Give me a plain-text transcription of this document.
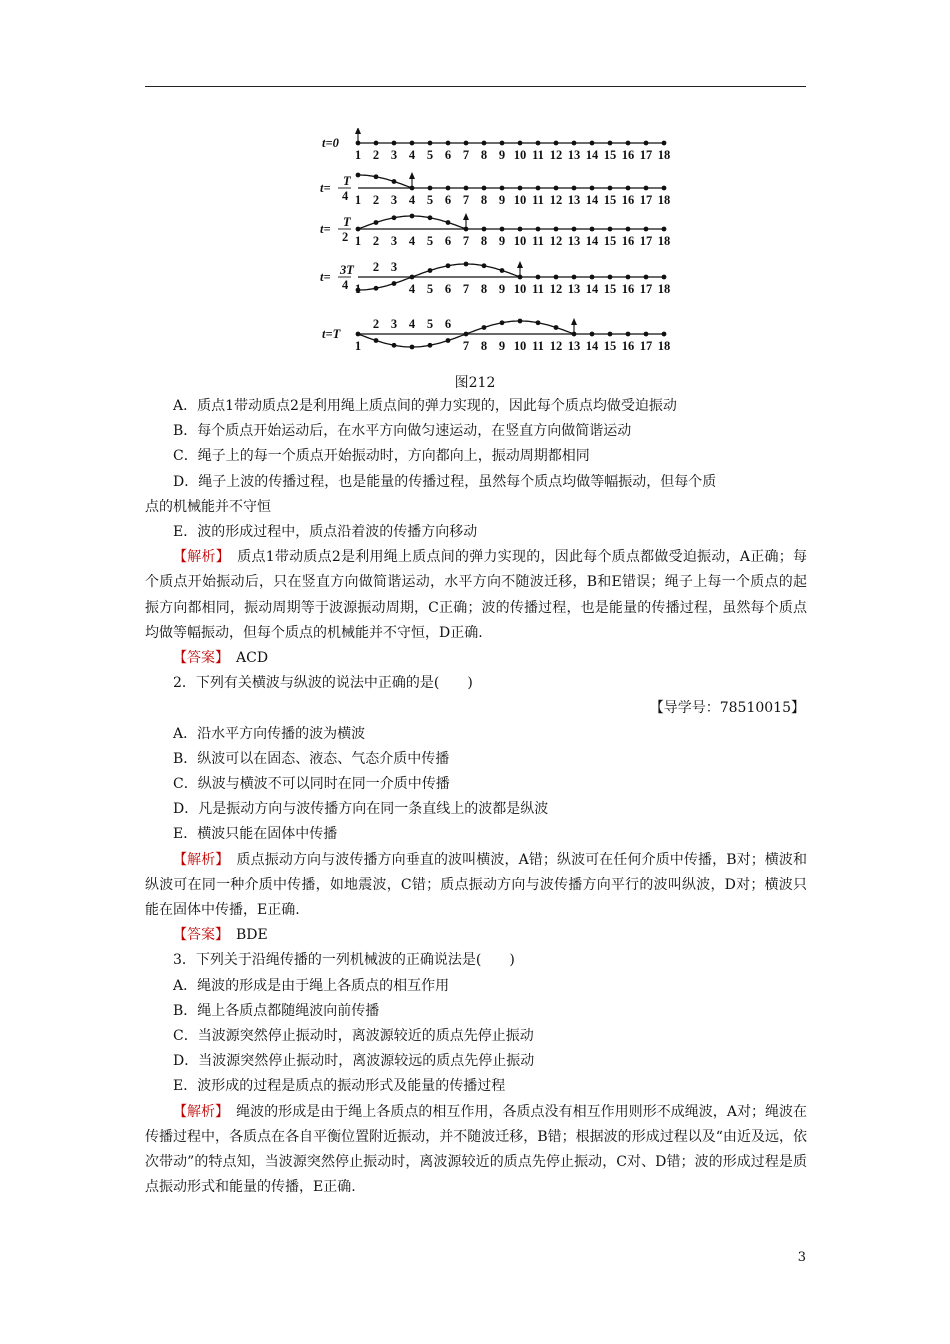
1 2 3 4 5 6 7 8 9 10 11 12 13 14 15 16 17 18
t=0
1 2 3 4 5 6 7 8 9 10 11 12 13 14 15 16 17 18
t= T
4
1 2 3 4 5 6 7 8 9 10 11 12 13 14 15 16 17 18
t= T
2
1
2 3
4 5 6 7 8 9 10 11 12 13 14 15 16 17 18
t= 3T
4
1
2 3 4 5 6
7 8 9 10 11 12 13 14 15 16 17 18
t=T
图212

A．质点1带动质点2是利用绳上质点间的弹力实现的，因此每个质点均做受迫振动

B．每个质点开始运动后，在水平方向做匀速运动，在竖直方向做简谐运动

C．绳子上的每一个质点开始振动时，方向都向上，振动周期都相同

D．绳子上波的传播过程，也是能量的传播过程，虽然每个质点均做等幅振动，但每个质

点的机械能并不守恒

E．波的形成过程中，质点沿着波的传播方向移动

【解析】　 质点1带动质点2是利用绳上质点间的弹力实现的，因此每个质点都做受迫振动，A正确；每个质点开始振动后，只在竖直方向做简谐运动，水平方向不随波迁移，B和E错误；绳子上每一个质点的起振方向都相同，振动周期等于波源振动周期，C正确；波的传播过程，也是能量的传播过程，虽然每个质点均做等幅振动，但每个质点的机械能并不守恒，D正确.

【答案】　 ACD

2．下列有关横波与纵波的说法中正确的是(　　)

【导学号：78510015】

A．沿水平方向传播的波为横波

B．纵波可以在固态、液态、气态介质中传播

C．纵波与横波不可以同时在同一介质中传播

D．凡是振动方向与波传播方向在同一条直线上的波都是纵波

E．横波只能在固体中传播

【解析】　 质点振动方向与波传播方向垂直的波叫横波，A错；纵波可在任何介质中传播，B对；横波和纵波可在同一种介质中传播，如地震波，C错；质点振动方向与波传播方向平行的波叫纵波，D对；横波只能在固体中传播，E正确.

【答案】　 BDE

3．下列关于沿绳传播的一列机械波的正确说法是(　　)

A．绳波的形成是由于绳上各质点的相互作用

B．绳上各质点都随绳波向前传播

C．当波源突然停止振动时，离波源较近的质点先停止振动

D．当波源突然停止振动时，离波源较远的质点先停止振动

E．波形成的过程是质点的振动形式及能量的传播过程

【解析】　 绳波的形成是由于绳上各质点的相互作用，各质点没有相互作用则形不成绳波，A对；绳波在传播过程中，各质点在各自平衡位置附近振动，并不随波迁移，B错；根据波的形成过程以及“由近及远，依次带动”的特点知，当波源突然停止振动时，离波源较近的质点先停止振动，C对、D错；波的形成过程是质点振动形式和能量的传播，E正确.

3
